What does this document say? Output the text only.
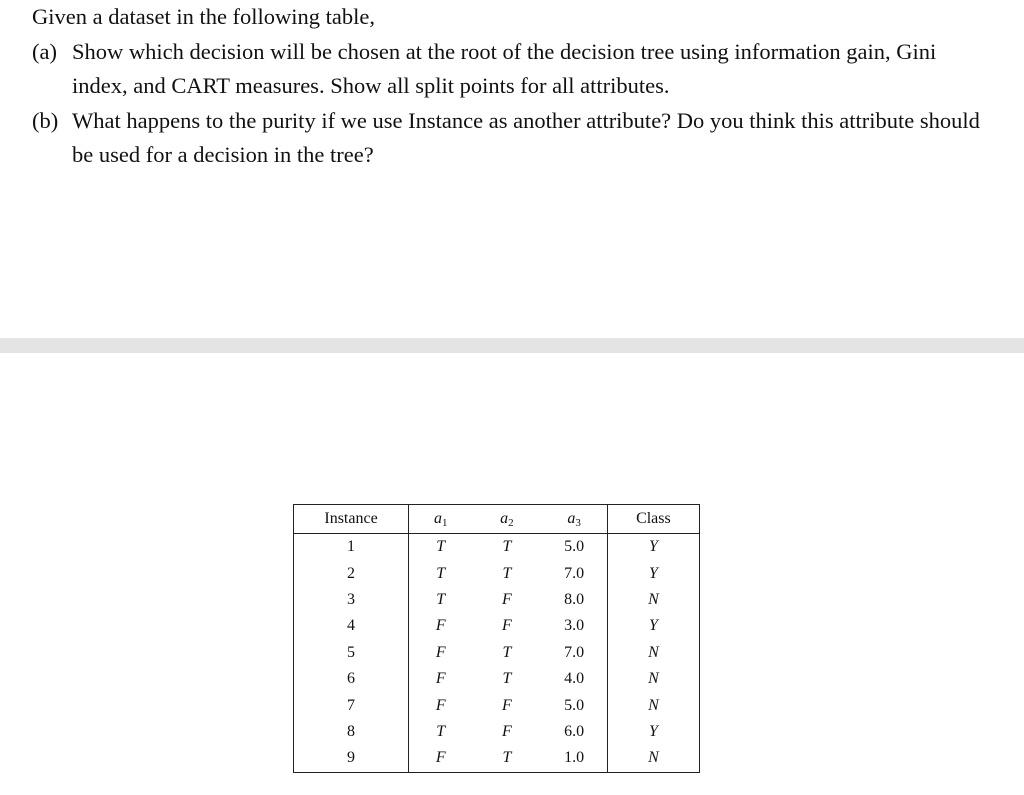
Given a dataset in the following table,

(a) Show which decision will be chosen at the root of the decision tree using information gain, Gini index, and CART measures. Show all split points for all attributes.

(b) What happens to the purity if we use Instance as another attribute? Do you think this attribute should be used for a decision in the tree?

Instance	$a_1$	$a_2$	$a_3$	Class
1	T	T	5.0	Y
2	T	T	7.0	Y
3	T	F	8.0	N
4	F	F	3.0	Y
5	F	T	7.0	N
6	F	T	4.0	N
7	F	F	5.0	N
8	T	F	6.0	Y
9	F	T	1.0	N
